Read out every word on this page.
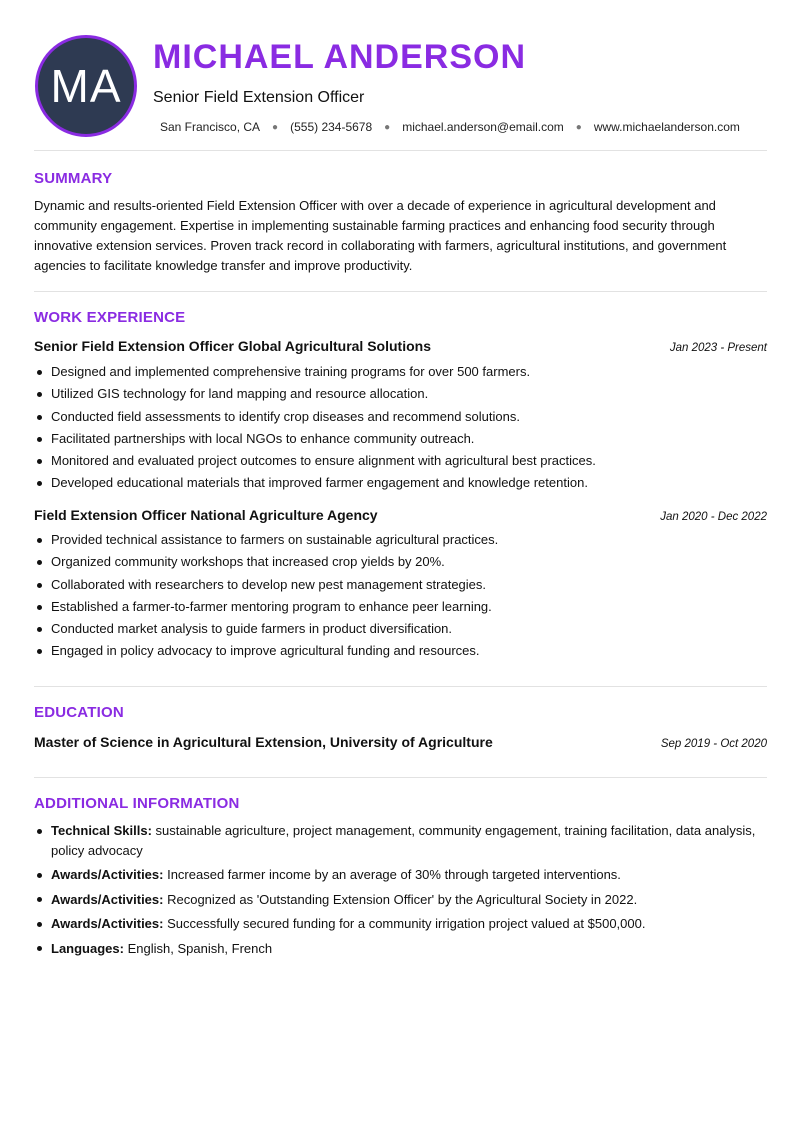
MA
MICHAEL ANDERSON
Senior Field Extension Officer
San Francisco, CA ● (555) 234-5678 ● michael.anderson@email.com ● www.michaelanderson.com
SUMMARY
Dynamic and results-oriented Field Extension Officer with over a decade of experience in agricultural development and community engagement. Expertise in implementing sustainable farming practices and enhancing food security through innovative extension services. Proven track record in collaborating with farmers, agricultural institutions, and government agencies to facilitate knowledge transfer and improve productivity.
WORK EXPERIENCE
Senior Field Extension Officer Global Agricultural Solutions	Jan 2023 - Present
Designed and implemented comprehensive training programs for over 500 farmers.
Utilized GIS technology for land mapping and resource allocation.
Conducted field assessments to identify crop diseases and recommend solutions.
Facilitated partnerships with local NGOs to enhance community outreach.
Monitored and evaluated project outcomes to ensure alignment with agricultural best practices.
Developed educational materials that improved farmer engagement and knowledge retention.
Field Extension Officer National Agriculture Agency	Jan 2020 - Dec 2022
Provided technical assistance to farmers on sustainable agricultural practices.
Organized community workshops that increased crop yields by 20%.
Collaborated with researchers to develop new pest management strategies.
Established a farmer-to-farmer mentoring program to enhance peer learning.
Conducted market analysis to guide farmers in product diversification.
Engaged in policy advocacy to improve agricultural funding and resources.
EDUCATION
Master of Science in Agricultural Extension, University of Agriculture	Sep 2019 - Oct 2020
ADDITIONAL INFORMATION
Technical Skills: sustainable agriculture, project management, community engagement, training facilitation, data analysis, policy advocacy
Awards/Activities: Increased farmer income by an average of 30% through targeted interventions.
Awards/Activities: Recognized as 'Outstanding Extension Officer' by the Agricultural Society in 2022.
Awards/Activities: Successfully secured funding for a community irrigation project valued at $500,000.
Languages: English, Spanish, French
